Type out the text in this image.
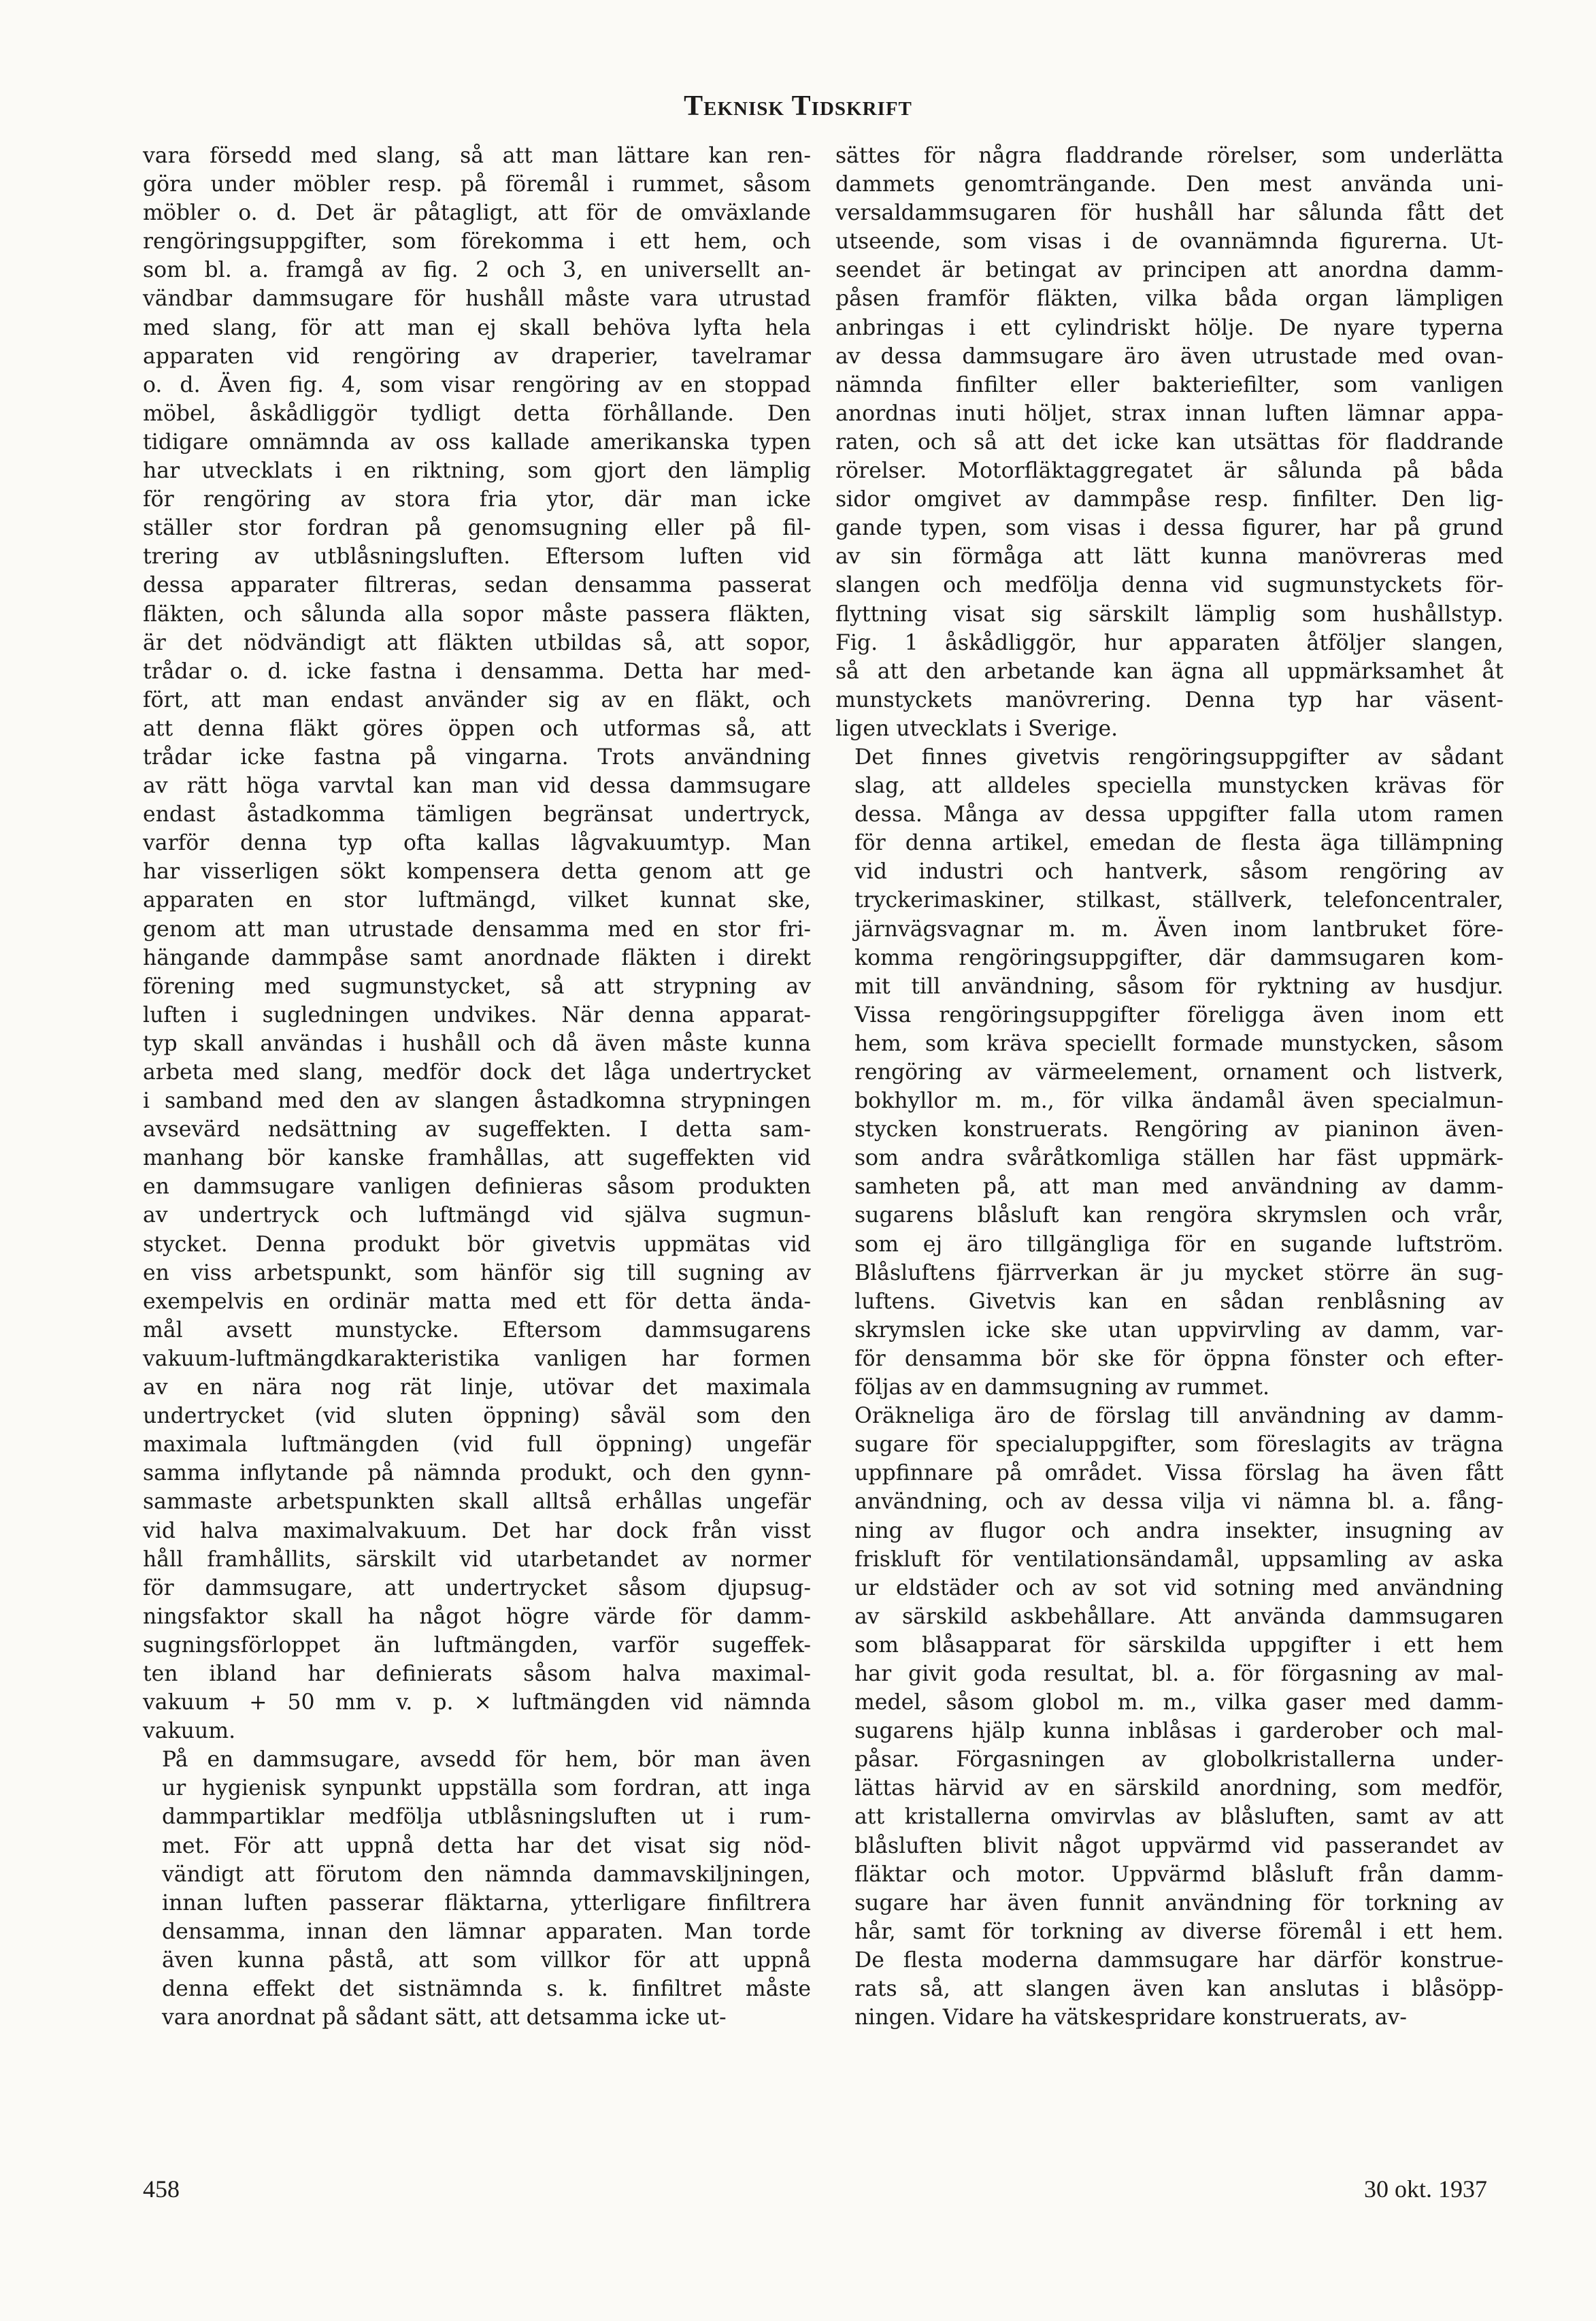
Teknisk Tidskrift

vara försedd med slang, så att man lättare kan ren-
göra under möbler resp. på föremål i rummet, såsom
möbler o. d. Det är påtagligt, att för de omväxlande
rengöringsuppgifter, som förekomma i ett hem, och
som bl. a. framgå av fig. 2 och 3, en universellt an-
vändbar dammsugare för hushåll måste vara utrustad
med slang, för att man ej skall behöva lyfta hela
apparaten vid rengöring av draperier, tavelramar
o. d. Även fig. 4, som visar rengöring av en stoppad
möbel, åskådliggör tydligt detta förhållande. Den
tidigare omnämnda av oss kallade amerikanska typen
har utvecklats i en riktning, som gjort den lämplig
för rengöring av stora fria ytor, där man icke
ställer stor fordran på genomsugning eller på fil-
trering av utblåsningsluften. Eftersom luften vid
dessa apparater filtreras, sedan densamma passerat
fläkten, och sålunda alla sopor måste passera fläkten,
är det nödvändigt att fläkten utbildas så, att sopor,
trådar o. d. icke fastna i densamma. Detta har med-
fört, att man endast använder sig av en fläkt, och
att denna fläkt göres öppen och utformas så, att
trådar icke fastna på vingarna. Trots användning
av rätt höga varvtal kan man vid dessa dammsugare
endast åstadkomma tämligen begränsat undertryck,
varför denna typ ofta kallas lågvakuumtyp. Man
har visserligen sökt kompensera detta genom att ge
apparaten en stor luftmängd, vilket kunnat ske,
genom att man utrustade densamma med en stor fri-
hängande dammpåse samt anordnade fläkten i direkt
förening med sugmunstycket, så att strypning av
luften i sugledningen undvikes. När denna apparat-
typ skall användas i hushåll och då även måste kunna
arbeta med slang, medför dock det låga undertrycket
i samband med den av slangen åstadkomna strypningen
avsevärd nedsättning av sugeffekten. I detta sam-
manhang bör kanske framhållas, att sugeffekten vid
en dammsugare vanligen definieras såsom produkten
av undertryck och luftmängd vid själva sugmun-
stycket. Denna produkt bör givetvis uppmätas vid
en viss arbetspunkt, som hänför sig till sugning av
exempelvis en ordinär matta med ett för detta ända-
mål avsett munstycke. Eftersom dammsugarens
vakuum-luftmängdkarakteristika vanligen har formen
av en nära nog rät linje, utövar det maximala
undertrycket (vid sluten öppning) såväl som den
maximala luftmängden (vid full öppning) ungefär
samma inflytande på nämnda produkt, och den gynn-
sammaste arbetspunkten skall alltså erhållas ungefär
vid halva maximalvakuum. Det har dock från visst
håll framhållits, särskilt vid utarbetandet av normer
för dammsugare, att undertrycket såsom djupsug-
ningsfaktor skall ha något högre värde för damm-
sugningsförloppet än luftmängden, varför sugeffek-
ten ibland har definierats såsom halva maximal-
vakuum + 50 mm v. p. × luftmängden vid nämnda
vakuum.

På en dammsugare, avsedd för hem, bör man även
ur hygienisk synpunkt uppställa som fordran, att inga
dammpartiklar medfölja utblåsningsluften ut i rum-
met. För att uppnå detta har det visat sig nöd-
vändigt att förutom den nämnda dammavskiljningen,
innan luften passerar fläktarna, ytterligare finfiltrera
densamma, innan den lämnar apparaten. Man torde
även kunna påstå, att som villkor för att uppnå
denna effekt det sistnämnda s. k. finfiltret måste
vara anordnat på sådant sätt, att detsamma icke ut-

sättes för några fladdrande rörelser, som underlätta
dammets genomträngande. Den mest använda uni-
versaldammsugaren för hushåll har sålunda fått det
utseende, som visas i de ovannämnda figurerna. Ut-
seendet är betingat av principen att anordna damm-
påsen framför fläkten, vilka båda organ lämpligen
anbringas i ett cylindriskt hölje. De nyare typerna
av dessa dammsugare äro även utrustade med ovan-
nämnda finfilter eller bakteriefilter, som vanligen
anordnas inuti höljet, strax innan luften lämnar appa-
raten, och så att det icke kan utsättas för fladdrande
rörelser. Motorfläktaggregatet är sålunda på båda
sidor omgivet av dammpåse resp. finfilter. Den lig-
gande typen, som visas i dessa figurer, har på grund
av sin förmåga att lätt kunna manövreras med
slangen och medfölja denna vid sugmunstyckets för-
flyttning visat sig särskilt lämplig som hushållstyp.
Fig. 1 åskådliggör, hur apparaten åtföljer slangen,
så att den arbetande kan ägna all uppmärksamhet åt
munstyckets manövrering. Denna typ har väsent-
ligen utvecklats i Sverige.

Det finnes givetvis rengöringsuppgifter av sådant
slag, att alldeles speciella munstycken krävas för
dessa. Många av dessa uppgifter falla utom ramen
för denna artikel, emedan de flesta äga tillämpning
vid industri och hantverk, såsom rengöring av
tryckerimaskiner, stilkast, ställverk, telefoncentraler,
järnvägsvagnar m. m. Även inom lantbruket före-
komma rengöringsuppgifter, där dammsugaren kom-
mit till användning, såsom för ryktning av husdjur.
Vissa rengöringsuppgifter föreligga även inom ett
hem, som kräva speciellt formade munstycken, såsom
rengöring av värmeelement, ornament och listverk,
bokhyllor m. m., för vilka ändamål även specialmun-
stycken konstruerats. Rengöring av pianinon även-
som andra svåråtkomliga ställen har fäst uppmärk-
samheten på, att man med användning av damm-
sugarens blåsluft kan rengöra skrymslen och vrår,
som ej äro tillgängliga för en sugande luftström.
Blåsluftens fjärrverkan är ju mycket större än sug-
luftens. Givetvis kan en sådan renblåsning av
skrymslen icke ske utan uppvirvling av damm, var-
för densamma bör ske för öppna fönster och efter-
följas av en dammsugning av rummet.

Oräkneliga äro de förslag till användning av damm-
sugare för specialuppgifter, som föreslagits av trägna
uppfinnare på området. Vissa förslag ha även fått
användning, och av dessa vilja vi nämna bl. a. fång-
ning av flugor och andra insekter, insugning av
friskluft för ventilationsändamål, uppsamling av aska
ur eldstäder och av sot vid sotning med användning
av särskild askbehållare. Att använda dammsugaren
som blåsapparat för särskilda uppgifter i ett hem
har givit goda resultat, bl. a. för förgasning av mal-
medel, såsom globol m. m., vilka gaser med damm-
sugarens hjälp kunna inblåsas i garderober och mal-
påsar. Förgasningen av globolkristallerna under-
lättas härvid av en särskild anordning, som medför,
att kristallerna omvirvlas av blåsluften, samt av att
blåsluften blivit något uppvärmd vid passerandet av
fläktar och motor. Uppvärmd blåsluft från damm-
sugare har även funnit användning för torkning av
hår, samt för torkning av diverse föremål i ett hem.
De flesta moderna dammsugare har därför konstrue-
rats så, att slangen även kan anslutas i blåsöpp-
ningen. Vidare ha vätskespridare konstruerats, av-

458	30 okt. 1937
